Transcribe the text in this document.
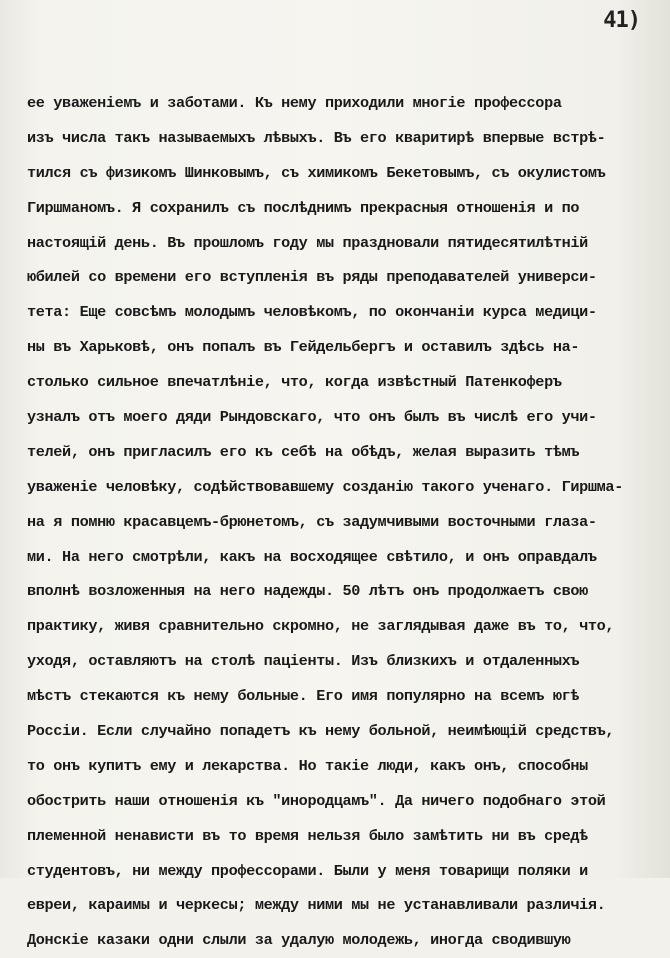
41)
ее уваженіемъ и заботами. Къ нему приходили многіе профессора
изъ числа такъ называемыхъ лѣвыхъ. Въ его кваритирѣ впервые встрѣ-
тился съ физикомъ Шинковымъ, съ химикомъ Бекетовымъ, съ окулистомъ
Гиршманомъ. Я сохранилъ съ послѣднимъ прекрасныя отношенія и по
настоящій день. Въ прошломъ году мы праздновали пятидесятилѣтній
юбилей со времени его вступленія въ ряды преподавателей универси-
тета: Еще совсѣмъ молодымъ человѣкомъ, по окончаніи курса медици-
ны въ Харьковѣ, онъ попалъ въ Гейдельбергъ и оставилъ здѣсь на-
столько сильное впечатлѣніе, что, когда извѣстный Патенкоферъ
узналъ отъ моего дяди Рындовскаго, что онъ былъ въ числѣ его учи-
телей, онъ пригласилъ его къ себѣ на обѣдъ, желая выразить тѣмъ
уваженіе человѣку, содѣйствовавшему созданію такого ученаго. Гиршма-
на я помню красавцемъ-брюнетомъ, съ задумчивыми восточными глаза-
ми. На него смотрѣли, какъ на восходящее свѣтило, и онъ оправдалъ
вполнѣ возложенныя на него надежды. 50 лѣтъ онъ продолжаетъ свою
практику, живя сравнительно скромно, не заглядывая даже въ то, что,
уходя, оставляютъ на столѣ паціенты. Изъ близкихъ и отдаленныхъ
мѣстъ стекаются къ нему больные. Его имя популярно на всемъ югѣ
Россіи. Если случайно попадетъ къ нему больной, неимѣющій средствъ,
то онъ купитъ ему и лекарства. Но такіе люди, какъ онъ, способны
обострить наши отношенія къ "инородцамъ". Да ничего подобнаго этой
племенной ненависти въ то время нельзя было замѣтить ни въ средѣ
студентовъ, ни между профессорами. Были у меня товарищи поляки и
евреи, караимы и черкесы; между ними мы не устанавливали различія.
Донскіе казаки одни слыли за удалую молодежь, иногда сводившую
